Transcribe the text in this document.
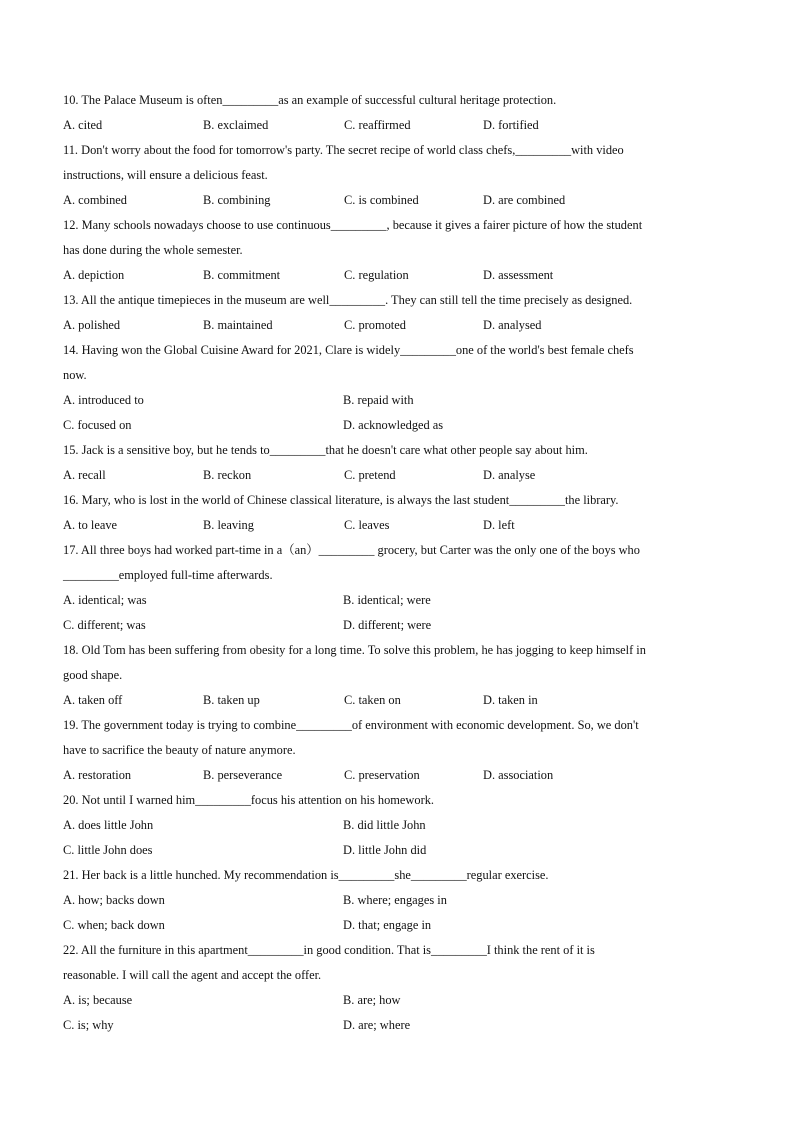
10. The Palace Museum is often_________as an example of successful cultural heritage protection.
A. cited	B. exclaimed	C. reaffirmed	D. fortified
11. Don't worry about the food for tomorrow's party. The secret recipe of world class chefs,_________with video
instructions, will ensure a delicious feast.
A. combined	B. combining	C. is combined	D. are combined
12. Many schools nowadays choose to use continuous_________, because it gives a fairer picture of how the student
has done during the whole semester.
A. depiction	B. commitment	C. regulation	D. assessment
13. All the antique timepieces in the museum are well_________. They can still tell the time precisely as designed.
A. polished	B. maintained	C. promoted	D. analysed
14. Having won the Global Cuisine Award for 2021, Clare is widely_________one of the world's best female chefs
now.
A. introduced to	B. repaid with
C. focused on	D. acknowledged as
15. Jack is a sensitive boy, but he tends to_________that he doesn't care what other people say about him.
A. recall	B. reckon	C. pretend	D. analyse
16. Mary, who is lost in the world of Chinese classical literature, is always the last student_________the library.
A. to leave	B. leaving	C. leaves	D. left
17. All three boys had worked part-time in a（an）_________ grocery, but Carter was the only one of the boys who
_________employed full-time afterwards.
A. identical; was	B. identical; were
C. different; was	D. different; were
18. Old Tom has been suffering from obesity for a long time. To solve this problem, he has jogging to keep himself in
good shape.
A. taken off	B. taken up	C. taken on	D. taken in
19. The government today is trying to combine_________of environment with economic development. So, we don't
have to sacrifice the beauty of nature anymore.
A. restoration	B. perseverance	C. preservation	D. association
20. Not until I warned him_________focus his attention on his homework.
A. does little John	B. did little John
C. little John does	D. little John did
21. Her back is a little hunched. My recommendation is_________she_________regular exercise.
A. how; backs down	B. where; engages in
C. when; back down	D. that; engage in
22. All the furniture in this apartment_________in good condition. That is_________I think the rent of it is
reasonable. I will call the agent and accept the offer.
A. is; because	B. are; how
C. is; why	D. are; where
